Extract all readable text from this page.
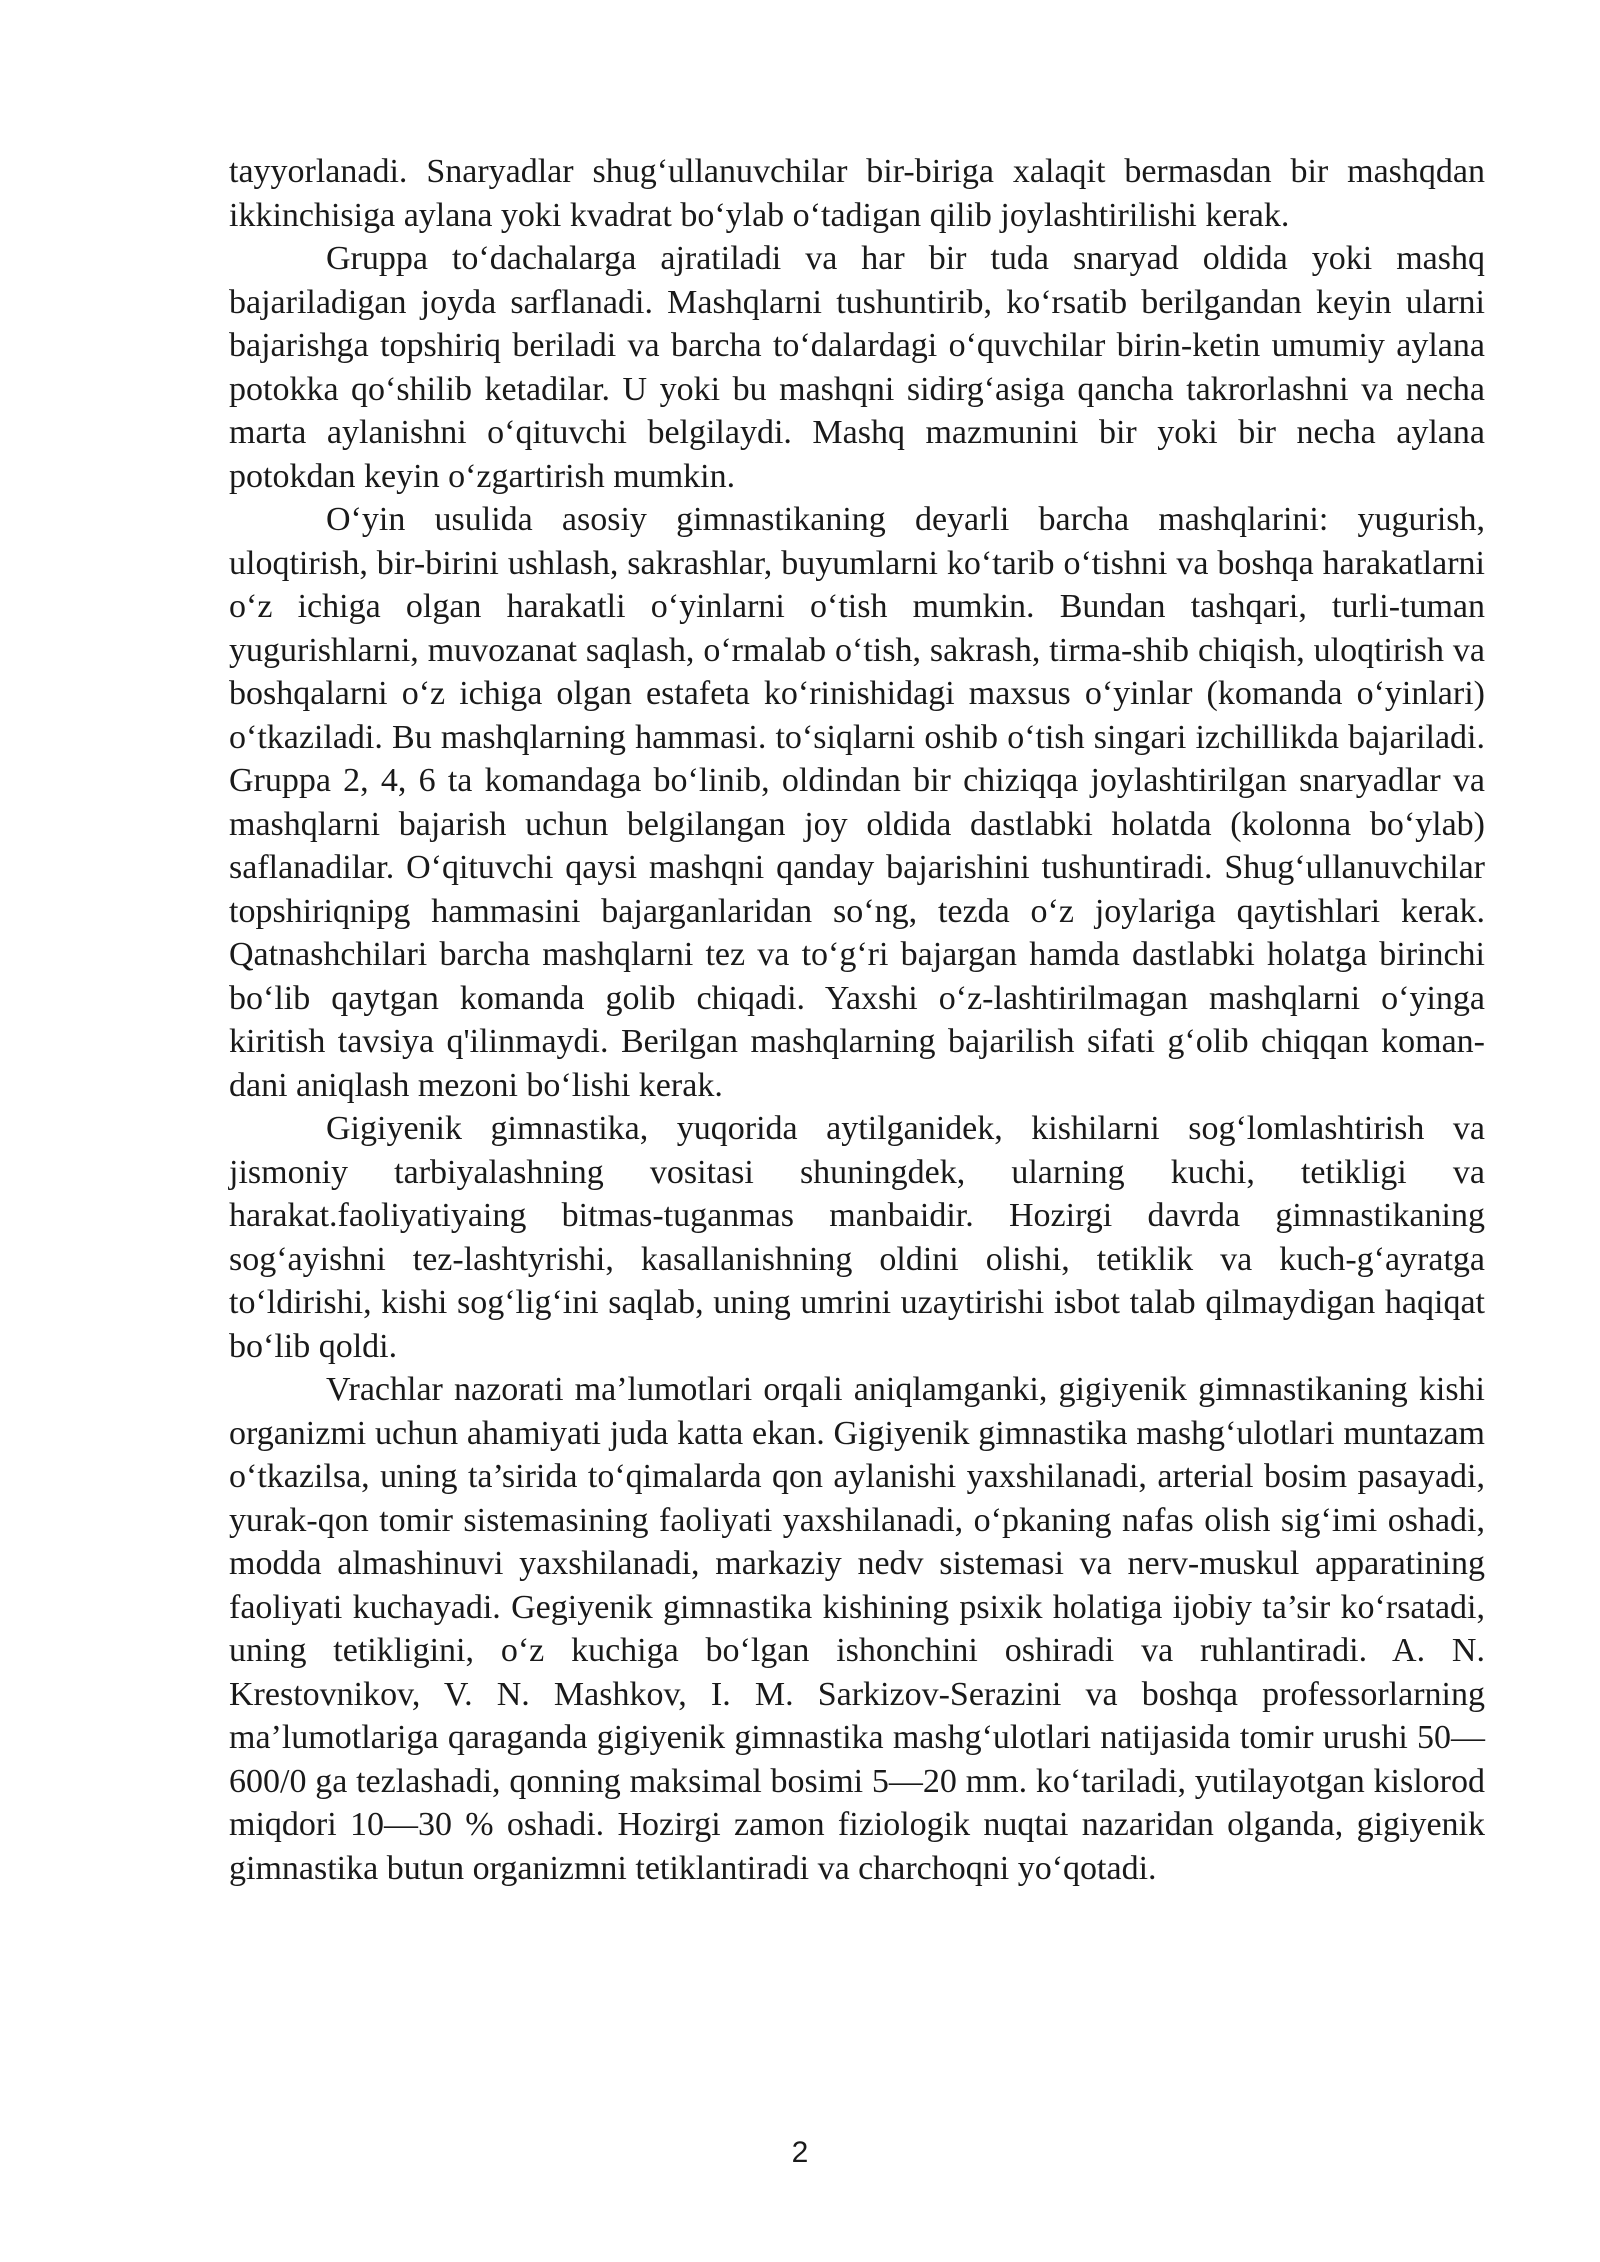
tayyorlanadi. Snaryadlar shug‘ullanuvchilar bir-biriga xalaqit bermasdan bir mashqdan ikkinchisiga aylana yoki kvadrat bo‘ylab o‘tadigan qilib joylashtirilishi kerak.

Gruppa to‘dachalarga ajratiladi va har bir tuda snaryad oldida yoki mashq bajariladigan joyda sarflanadi. Mashqlarni tushuntirib, ko‘rsatib berilgandan keyin ularni bajarishga topshiriq beriladi va barcha to‘dalardagi o‘quvchilar birin-ketin umumiy aylana potokka qo‘shilib ketadilar. U yoki bu mashqni sidirg‘asiga qancha takrorlashni va necha marta aylanishni o‘qituvchi belgilaydi. Mashq mazmunini bir yoki bir necha aylana potokdan keyin o‘zgartirish mumkin.

O‘yin usulida asosiy gimnastikaning deyarli barcha mashqlarini: yugurish, uloqtirish, bir-birini ushlash, sakrashlar, buyumlarni ko‘tarib o‘tishni va boshqa harakatlarni o‘z ichiga olgan harakatli o‘yinlarni o‘tish mumkin. Bundan tashqari, turli-tuman yugurishlarni, muvozanat saqlash, o‘rmalab o‘tish, sakrash, tirma-shib chiqish, uloqtirish va boshqalarni o‘z ichiga olgan estafeta ko‘rinishidagi maxsus o‘yinlar (komanda o‘yinlari) o‘tkaziladi. Bu mashqlarning hammasi. to‘siqlarni oshib o‘tish singari izchillikda bajariladi. Gruppa 2, 4, 6 ta komandaga bo‘linib, oldindan bir chiziqqa joylashtirilgan snaryadlar va mashqlarni bajarish uchun belgilangan joy oldida dastlabki holatda (kolonna bo‘ylab) saflanadilar. O‘qituvchi qaysi mashqni qanday bajarishini tushuntiradi. Shug‘ullanuvchilar topshiriqnipg hammasini bajarganlaridan so‘ng, tezda o‘z joylariga qaytishlari kerak. Qatnashchilari barcha mashqlarni tez va to‘g‘ri bajargan hamda dastlabki holatga birinchi bo‘lib qaytgan komanda golib chiqadi. Yaxshi o‘z-lashtirilmagan mashqlarni o‘yinga kiritish tavsiya q'ilinmaydi. Berilgan mashqlarning bajarilish sifati g‘olib chiqqan koman-dani aniqlash mezoni bo‘lishi kerak.

Gigiyenik gimnastika, yuqorida aytilganidek, kishilarni sog‘lomlashtirish va jismoniy tarbiyalashning vositasi shuningdek, ularning kuchi, tetikligi va harakat.faoliyatiyaing bitmas-tuganmas manbaidir. Hozirgi davrda gimnastikaning sog‘ayishni tez-lashtyrishi, kasallanishning oldini olishi, tetiklik va kuch-g‘ayratga to‘ldirishi, kishi sog‘lig‘ini saqlab, uning umrini uzaytirishi isbot talab qilmaydigan haqiqat bo‘lib qoldi.

Vrachlar nazorati ma’lumotlari orqali aniqlamganki, gigiyenik gimnastikaning kishi organizmi uchun ahamiyati juda katta ekan. Gigiyenik gimnastika mashg‘ulotlari muntazam o‘tkazilsa, uning ta’sirida to‘qimalarda qon aylanishi yaxshilanadi, arterial bosim pasayadi, yurak-qon tomir sistemasining faoliyati yaxshilanadi, o‘pkaning nafas olish sig‘imi oshadi, modda almashinuvi yaxshilanadi, markaziy nedv sistemasi va nerv-muskul apparatining faoliyati kuchayadi. Gegiyenik gimnastika kishining psixik holatiga ijobiy ta’sir ko‘rsatadi, uning tetikligini, o‘z kuchiga bo‘lgan ishonchini oshiradi va ruhlantiradi. A. N. Krestovnikov, V. N. Mashkov, I. M. Sarkizov-Serazini va boshqa professorlarning ma’lumotlariga qaraganda gigiyenik gimnastika mashg‘ulotlari natijasida tomir urushi 50—600/0 ga tezlashadi, qonning maksimal bosimi 5—20 mm. ko‘tariladi, yutilayotgan kislorod miqdori 10—30 % oshadi. Hozirgi zamon fiziologik nuqtai nazaridan olganda, gigiyenik gimnastika butun organizmni tetiklantiradi va charchoqni yo‘qotadi.

2
